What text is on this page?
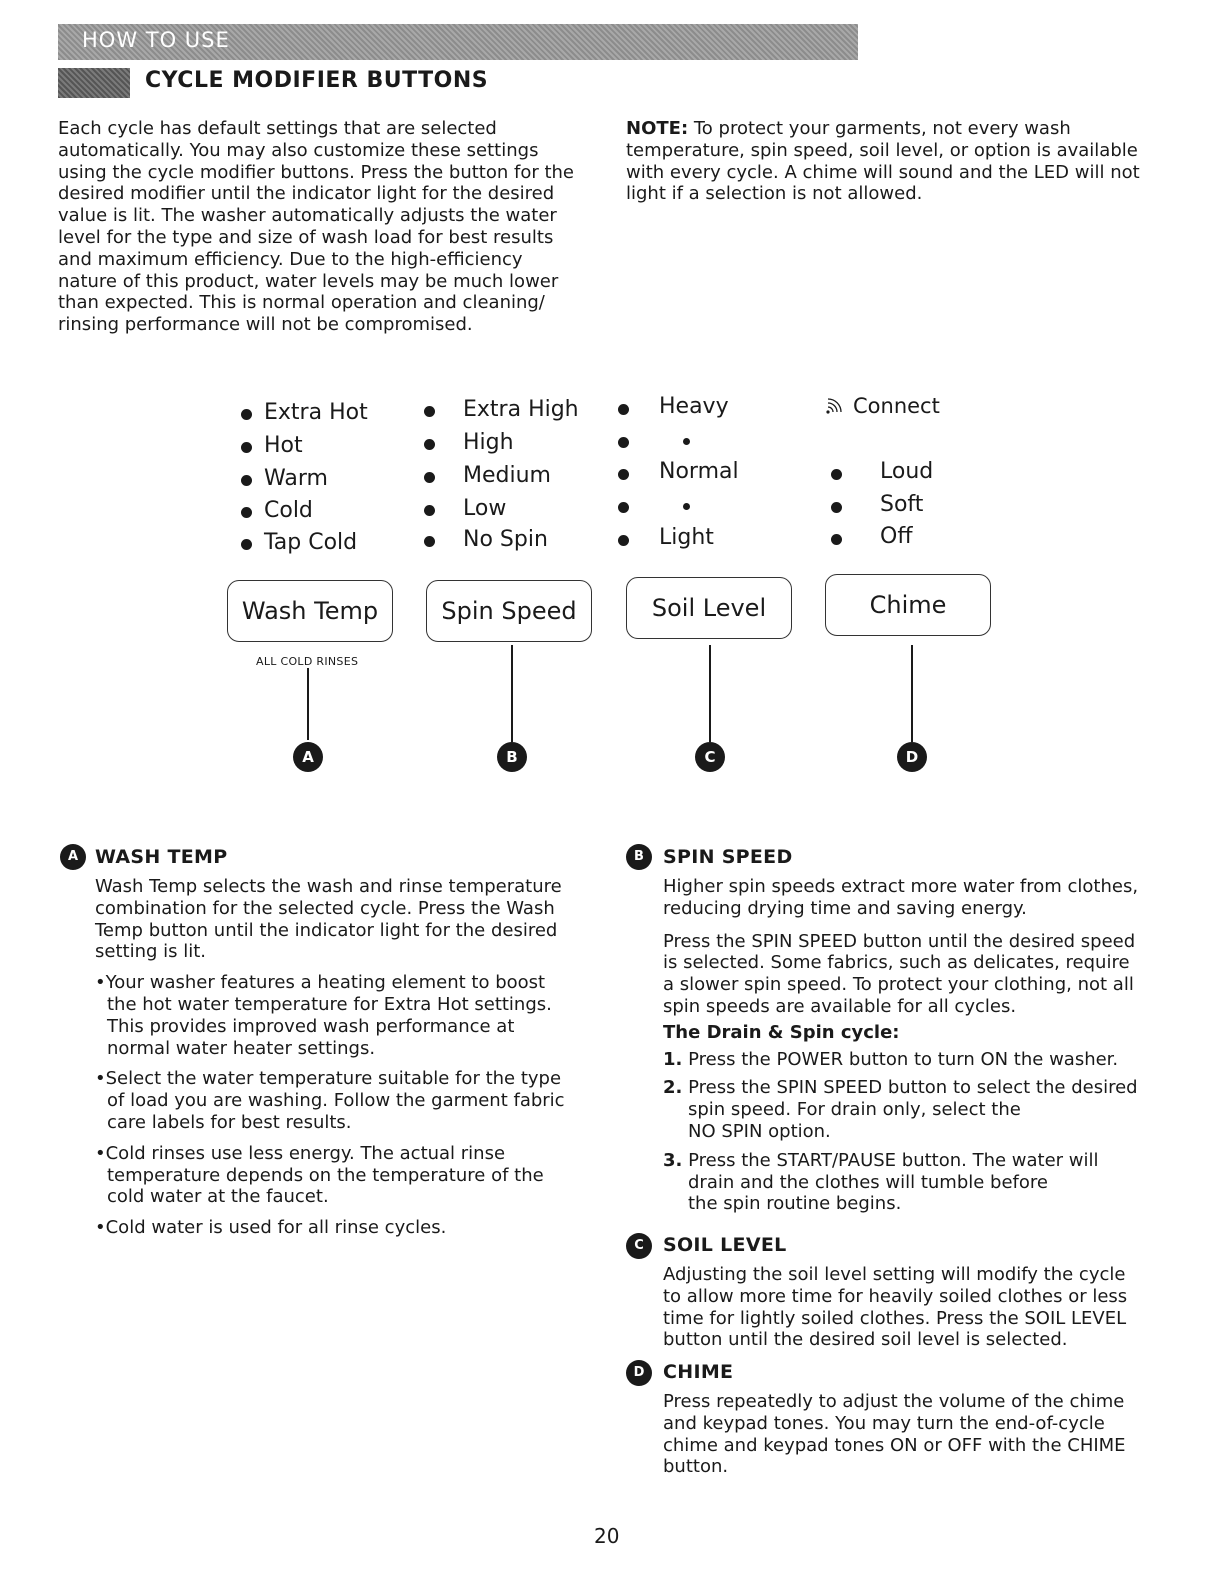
HOW TO USE
CYCLE MODIFIER BUTTONS
Each cycle has default settings that are selected
automatically. You may also customize these settings
using the cycle modifier buttons. Press the button for the
desired modifier until the indicator light for the desired
value is lit. The washer automatically adjusts the water
level for the type and size of wash load for best results
and maximum efficiency. Due to the high-efficiency
nature of this product, water levels may be much lower
than expected. This is normal operation and cleaning/
rinsing performance will not be compromised.
NOTE: To protect your garments, not every wash
temperature, spin speed, soil level, or option is available
with every cycle. A chime will sound and the LED will not
light if a selection is not allowed.
Extra Hot
Hot
Warm
Cold
Tap Cold
Extra High
High
Medium
Low
No Spin
Heavy
Normal
Light
Connect
Loud
Soft
Off
Wash Temp	Spin Speed	Soil Level	Chime
ALL COLD RINSES
A	B	C	D
A WASH TEMP
Wash Temp selects the wash and rinse temperature
combination for the selected cycle. Press the Wash
Temp button until the indicator light for the desired
setting is lit.
•Your washer features a heating element to boost
the hot water temperature for Extra Hot settings.
This provides improved wash performance at
normal water heater settings.
•Select the water temperature suitable for the type
of load you are washing. Follow the garment fabric
care labels for best results.
•Cold rinses use less energy. The actual rinse
temperature depends on the temperature of the
cold water at the faucet.
•Cold water is used for all rinse cycles.
B	SPIN SPEED
Higher spin speeds extract more water from clothes,
reducing drying time and saving energy.
Press the SPIN SPEED button until the desired speed
is selected. Some fabrics, such as delicates, require
a slower spin speed. To protect your clothing, not all
spin speeds are available for all cycles.
The Drain & Spin cycle:
1. Press the POWER button to turn ON the washer.
2. Press the SPIN SPEED button to select the desired
spin speed. For drain only, select the
NO SPIN option.
3. Press the START/PAUSE button. The water will
drain and the clothes will tumble before
the spin routine begins.
C	SOIL LEVEL
Adjusting the soil level setting will modify the cycle
to allow more time for heavily soiled clothes or less
time for lightly soiled clothes. Press the SOIL LEVEL
button until the desired soil level is selected.
D CHIME
Press repeatedly to adjust the volume of the chime
and keypad tones. You may turn the end-of-cycle
chime and keypad tones ON or OFF with the CHIME
button.
20
